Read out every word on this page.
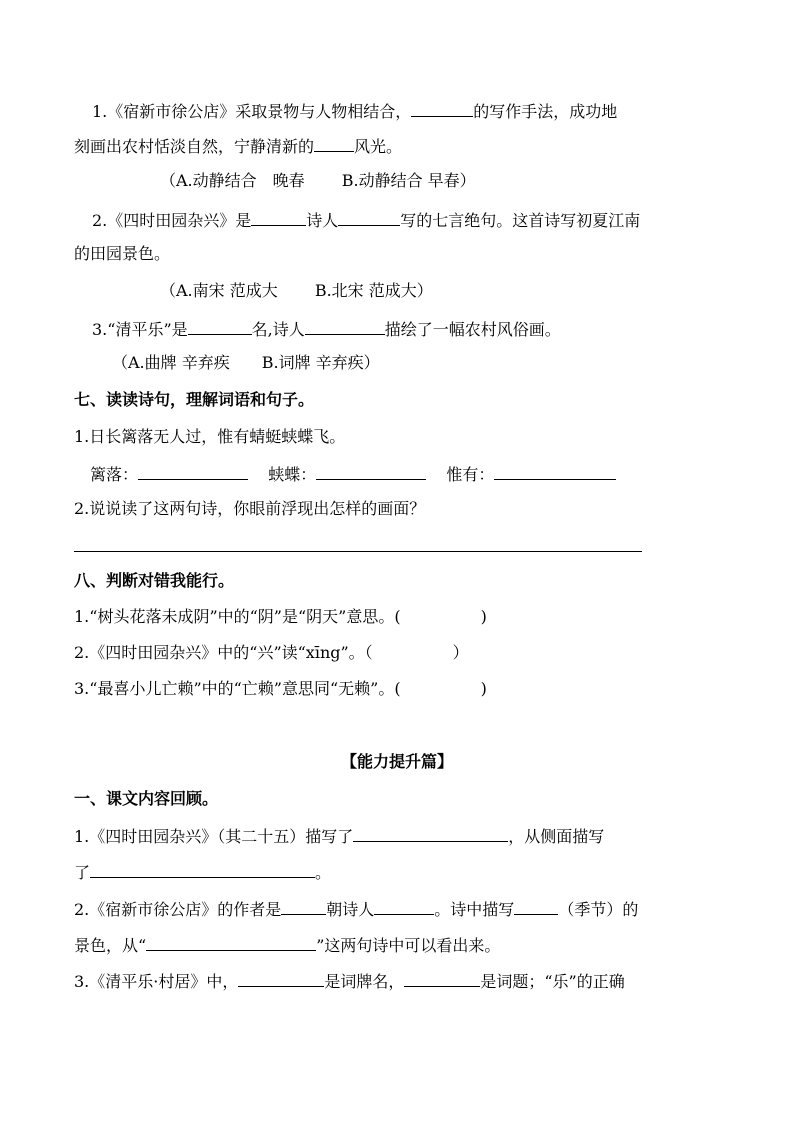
1.《宿新市徐公店》采取景物与人物相结合，	的写作手法，成功地
刻画出农村恬淡自然，宁静清新的	风光。
（A.动静结合　晚春　　 B.动静结合 早春）
2.《四时田园杂兴》是	诗人	写的七言绝句。这首诗写初夏江南
的田园景色。
（A.南宋 范成大　　 B.北宋 范成大）
3.“清平乐”是	名,诗人	描绘了一幅农村风俗画。
（A.曲牌 辛弃疾　　B.词牌 辛弃疾）
七、读读诗句，理解词语和句子。
1.日长篱落无人过，惟有蜻蜓蛱蝶飞。
篱落：	蛱蝶：	惟有：
2.说说读了这两句诗，你眼前浮现出怎样的画面？
八、判断对错我能行。
1.“树头花落未成阴”中的“阴”是“阴天”意思。(　　　　　)
2.《四时田园杂兴》中的“兴”读“xīng”。（　　　　　）
3.“最喜小儿亡赖”中的“亡赖”意思同“无赖”。(　　　　　)
【能力提升篇】
一、课文内容回顾。
1.《四时田园杂兴》（其二十五）描写了	，从侧面描写
了	。
2.《宿新市徐公店》的作者是	朝诗人	。诗中描写	（季节）的
景色，从“	”这两句诗中可以看出来。
3.《清平乐·村居》中，	是词牌名，	是词题；“乐”的正确
